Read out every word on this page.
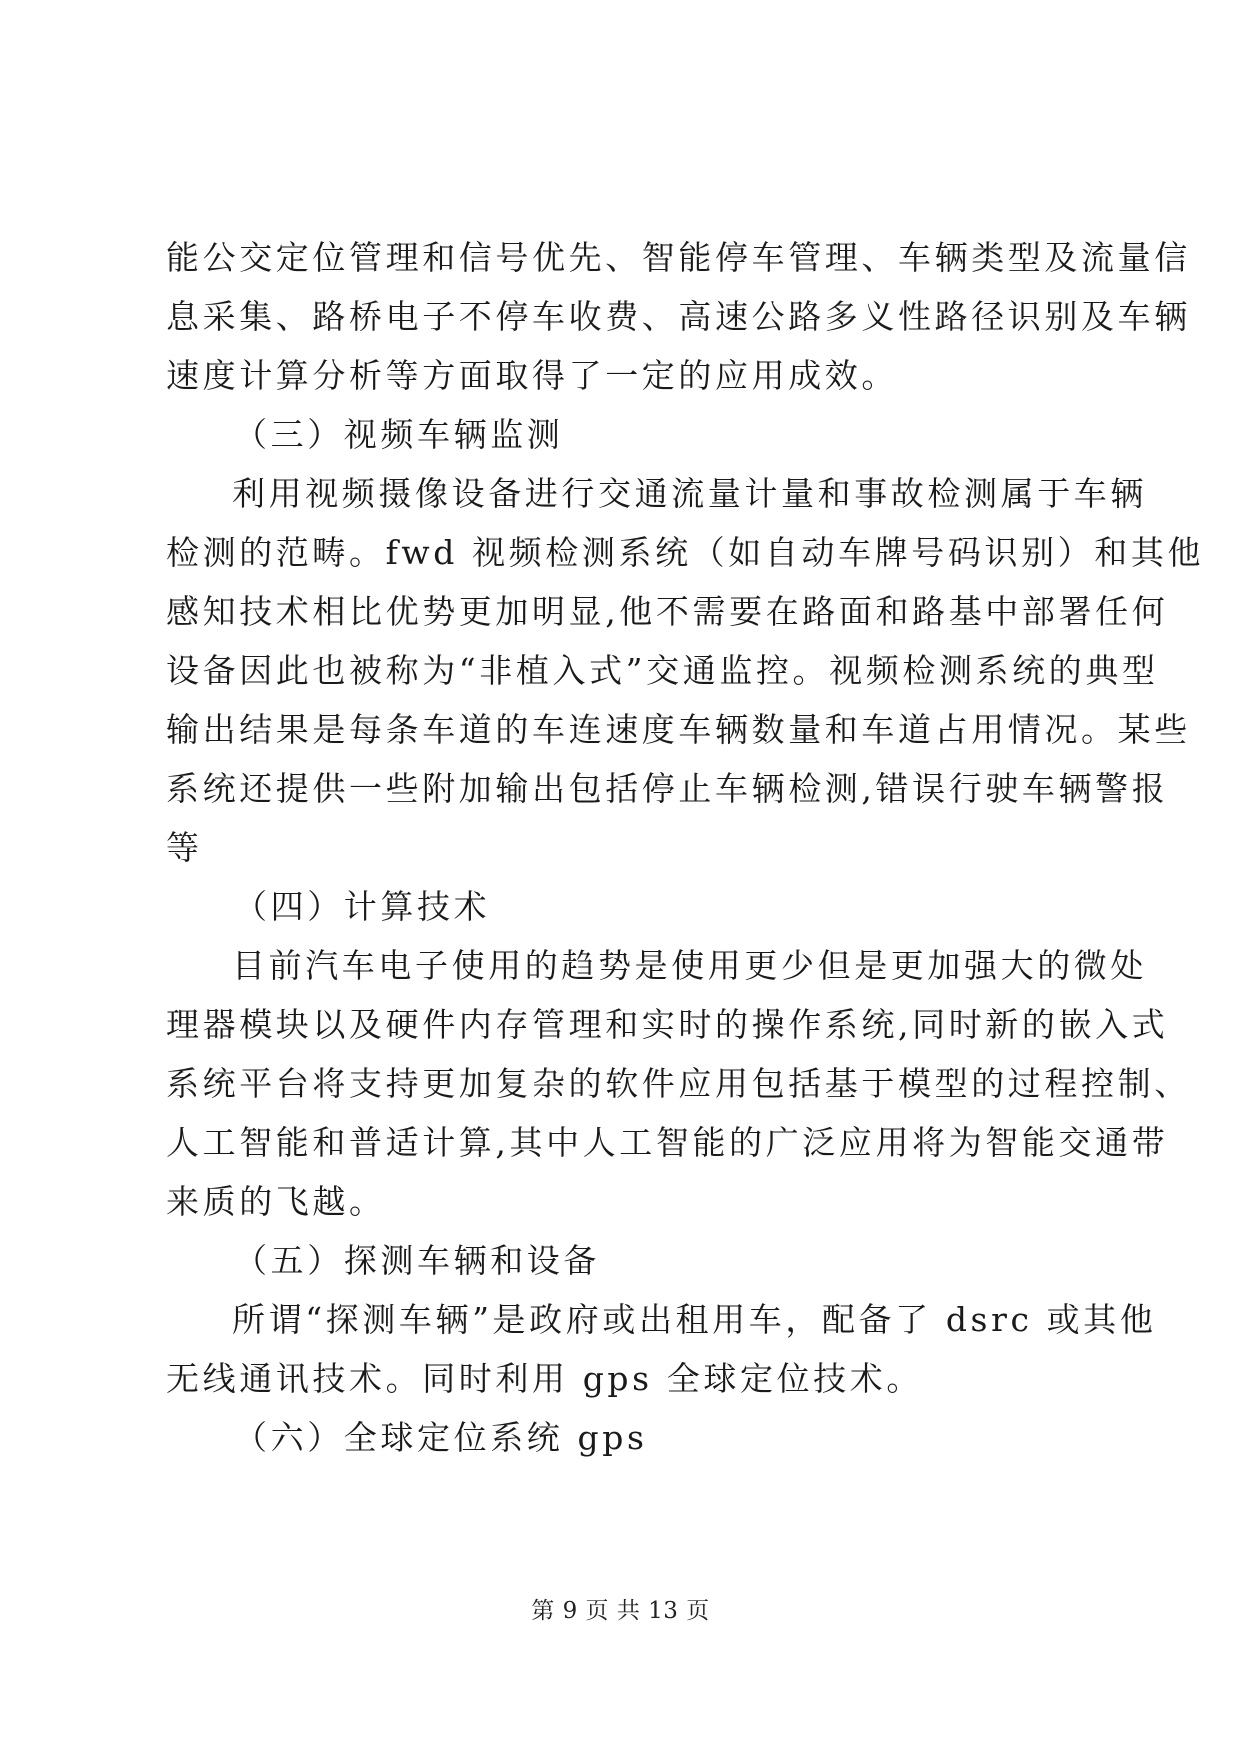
能公交定位管理和信号优先、智能停车管理、车辆类型及流量信
息采集、路桥电子不停车收费、高速公路多义性路径识别及车辆
速度计算分析等方面取得了一定的应用成效。
（三）视频车辆监测
利用视频摄像设备进行交通流量计量和事故检测属于车辆
检测的范畴。fwd 视频检测系统（如自动车牌号码识别）和其他
感知技术相比优势更加明显,他不需要在路面和路基中部署任何
设备因此也被称为“非植入式”交通监控。视频检测系统的典型
输出结果是每条车道的车连速度车辆数量和车道占用情况。某些
系统还提供一些附加输出包括停止车辆检测,错误行驶车辆警报
等
（四）计算技术
目前汽车电子使用的趋势是使用更少但是更加强大的微处
理器模块以及硬件内存管理和实时的操作系统,同时新的嵌入式
系统平台将支持更加复杂的软件应用包括基于模型的过程控制、
人工智能和普适计算,其中人工智能的广泛应用将为智能交通带
来质的飞越。
（五）探测车辆和设备
所谓“探测车辆”是政府或出租用车，配备了 dsrc 或其他
无线通讯技术。同时利用 gps 全球定位技术。
（六）全球定位系统 gps
第 9 页 共 13 页
